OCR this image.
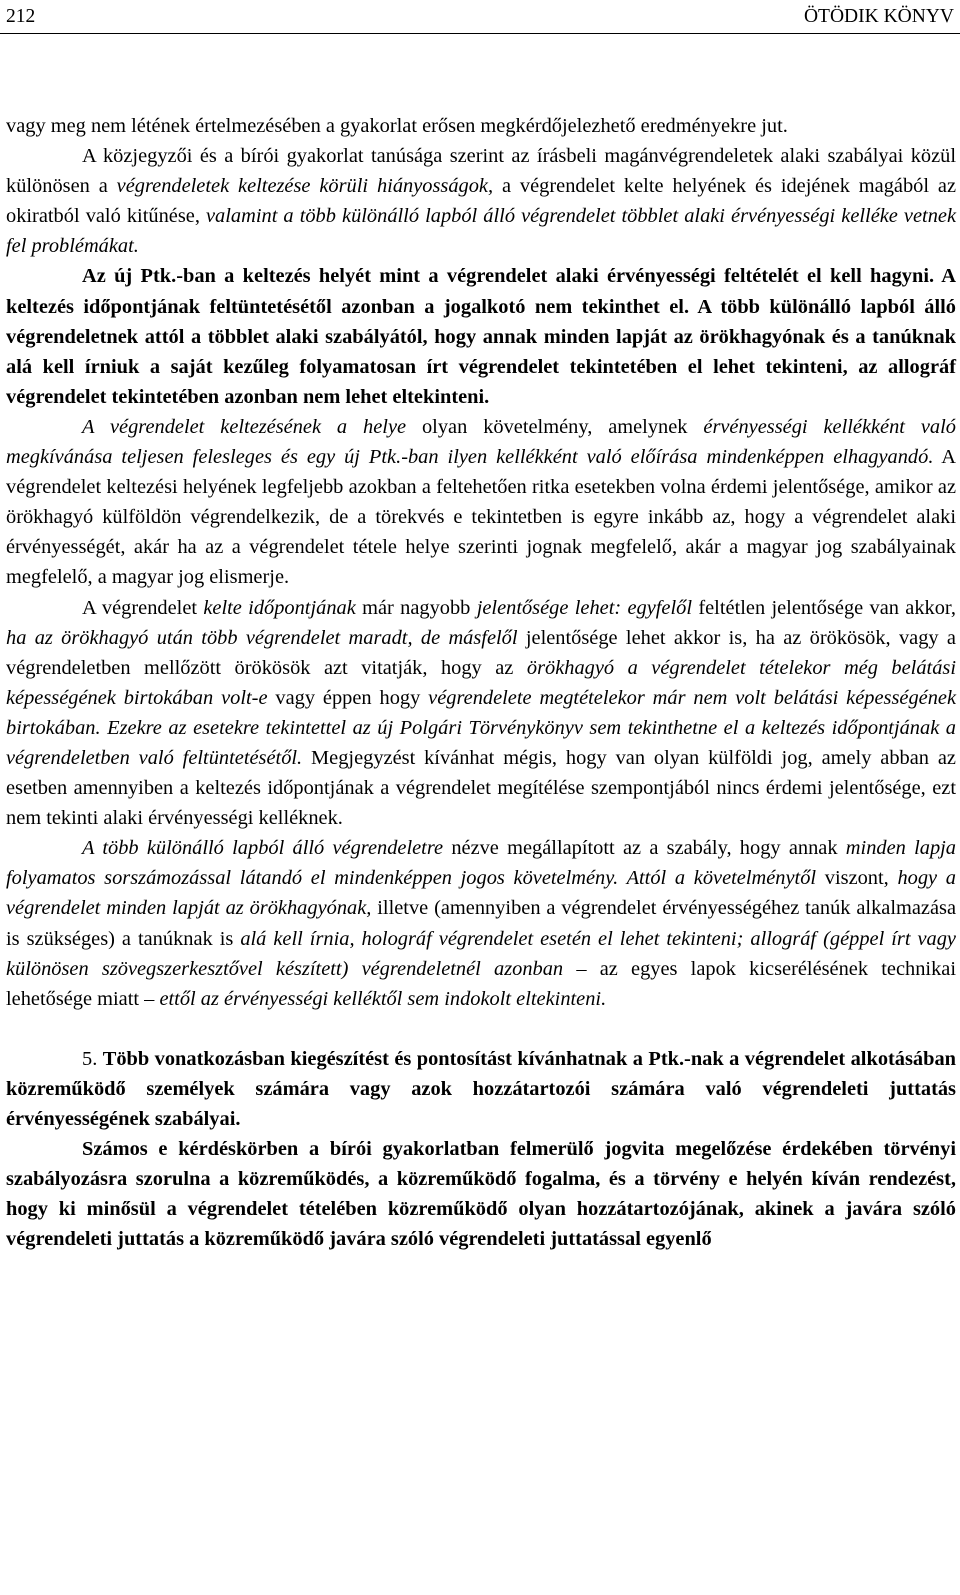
212	ÖTÖDIK KÖNYV

vagy meg nem létének értelmezésében a gyakorlat erősen megkérdőjelezhető eredményekre jut.

A közjegyzői és a bírói gyakorlat tanúsága szerint az írásbeli magánvégrendeletek alaki szabályai közül különösen a végrendeletek keltezése körüli hiányosságok, a végrendelet kelte helyének és idejének magából az okiratból való kitűnése, valamint a több különálló lapból álló végrendelet többlet alaki érvényességi kelléke vetnek fel problémákat.

Az új Ptk.-ban a keltezés helyét mint a végrendelet alaki érvényességi feltételét el kell hagyni. A keltezés időpontjának feltüntetésétől azonban a jogalkotó nem tekinthet el. A több különálló lapból álló végrendeletnek attól a többlet alaki szabályától, hogy annak minden lapját az örökhagyónak és a tanúknak alá kell írniuk a saját kezűleg folyamatosan írt végrendelet tekintetében el lehet tekinteni, az allográf végrendelet tekintetében azonban nem lehet eltekinteni.

A végrendelet keltezésének a helye olyan követelmény, amelynek érvényességi kellékként való megkívánása teljesen felesleges és egy új Ptk.-ban ilyen kellékként való előírása mindenképpen elhagyandó. A végrendelet keltezési helyének legfeljebb azokban a feltehetően ritka esetekben volna érdemi jelentősége, amikor az örökhagyó külföldön végrendelkezik, de a törekvés e tekintetben is egyre inkább az, hogy a végrendelet alaki érvényességét, akár ha az a végrendelet tétele helye szerinti jognak megfelelő, akár a magyar jog szabályainak megfelelő, a magyar jog elismerje.

A végrendelet kelte időpontjának már nagyobb jelentősége lehet: egyfelől feltétlen jelentősége van akkor, ha az örökhagyó után több végrendelet maradt, de másfelől jelentősége lehet akkor is, ha az örökösök, vagy a végrendeletben mellőzött örökösök azt vitatják, hogy az örökhagyó a végrendelet tételekor még belátási képességének birtokában volt-e vagy éppen hogy végrendelete megtételekor már nem volt belátási képességének birtokában. Ezekre az esetekre tekintettel az új Polgári Törvénykönyv sem tekinthetne el a keltezés időpontjának a végrendeletben való feltüntetésétől. Megjegyzést kívánhat mégis, hogy van olyan külföldi jog, amely abban az esetben amennyiben a keltezés időpontjának a végrendelet megítélése szempontjából nincs érdemi jelentősége, ezt nem tekinti alaki érvényességi kelléknek.

A több különálló lapból álló végrendeletre nézve megállapított az a szabály, hogy annak minden lapja folyamatos sorszámozással látandó el mindenképpen jogos követelmény. Attól a követelménytől viszont, hogy a végrendelet minden lapját az örökhagyónak, illetve (amennyiben a végrendelet érvényességéhez tanúk alkalmazása is szükséges) a tanúknak is alá kell írnia, holográf végrendelet esetén el lehet tekinteni; allográf (géppel írt vagy különösen szövegszerkesztővel készített) végrendeletnél azonban – az egyes lapok kicserélésének technikai lehetősége miatt – ettől az érvényességi kelléktől sem indokolt eltekinteni.

5. Több vonatkozásban kiegészítést és pontosítást kívánhatnak a Ptk.-nak a végrendelet alkotásában közreműködő személyek számára vagy azok hozzátartozói számára való végrendeleti juttatás érvényességének szabályai.

Számos e kérdéskörben a bírói gyakorlatban felmerülő jogvita megelőzése érdekében törvényi szabályozásra szorulna a közreműködés, a közreműködő fogalma, és a törvény e helyén kíván rendezést, hogy ki minősül a végrendelet tételében közreműködő olyan hozzátartozójának, akinek a javára szóló végrendeleti juttatás a közreműködő javára szóló végrendeleti juttatással egyenlő
